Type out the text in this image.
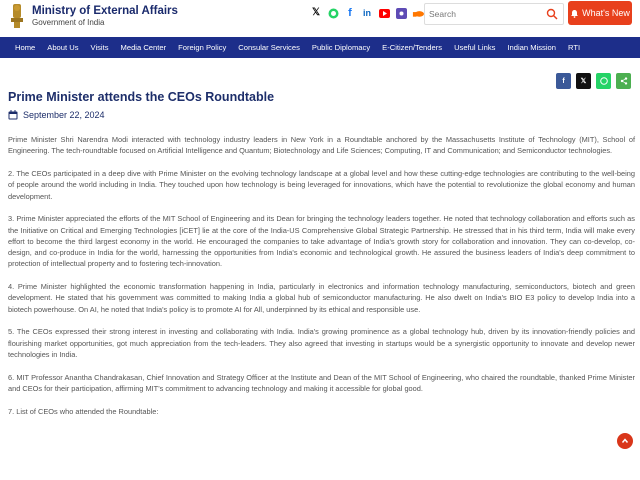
Ministry of External Affairs
Government of India
𝕏	f	in
Search	What's New
Home	About Us	Visits	Media Center	Foreign Policy	Consular Services	Public Diplomacy	E-Citizen/Tenders	Useful Links	Indian Mission	RTI
f	𝕏
Prime Minister attends the CEOs Roundtable
September 22, 2024

Prime Minister Shri Narendra Modi interacted with technology industry leaders in New York in a Roundtable anchored by the Massachusetts Institute of Technology (MIT), School of Engineering. The tech-roundtable focused on Artificial Intelligence and Quantum; Biotechnology and Life Sciences; Computing, IT and Communication; and Semiconductor technologies.

2. The CEOs participated in a deep dive with Prime Minister on the evolving technology landscape at a global level and how these cutting-edge technologies are contributing to the well-being of people around the world including in India. They touched upon how technology is being leveraged for innovations, which have the potential to revolutionize the global economy and human development.

3. Prime Minister appreciated the efforts of the MIT School of Engineering and its Dean for bringing the technology leaders together. He noted that technology collaboration and efforts such as the Initiative on Critical and Emerging Technologies [iCET] lie at the core of the India-US Comprehensive Global Strategic Partnership. He stressed that in his third term, India will make every effort to become the third largest economy in the world. He encouraged the companies to take advantage of India's growth story for collaboration and innovation. They can co-develop, co-design, and co-produce in India for the world, harnessing the opportunities from India's economic and technological growth. He assured the business leaders of India's deep commitment to protection of intellectual property and to fostering tech-innovation.

4. Prime Minister highlighted the economic transformation happening in India, particularly in electronics and information technology manufacturing, semiconductors, biotech and green development. He stated that his government was committed to making India a global hub of semiconductor manufacturing. He also dwelt on India's BIO E3 policy to develop India into a biotech powerhouse. On AI, he noted that India's policy is to promote AI for All, underpinned by its ethical and responsible use.

5. The CEOs expressed their strong interest in investing and collaborating with India. India's growing prominence as a global technology hub, driven by its innovation-friendly policies and flourishing market opportunities, got much appreciation from the tech-leaders. They also agreed that investing in startups would be a synergistic opportunity to innovate and develop newer technologies in India.

6. MIT Professor Anantha Chandrakasan, Chief Innovation and Strategy Officer at the Institute and Dean of the MIT School of Engineering, who chaired the roundtable, thanked Prime Minister and CEOs for their participation, affirming MIT's commitment to advancing technology and making it accessible for global good.

7. List of CEOs who attended the Roundtable:
